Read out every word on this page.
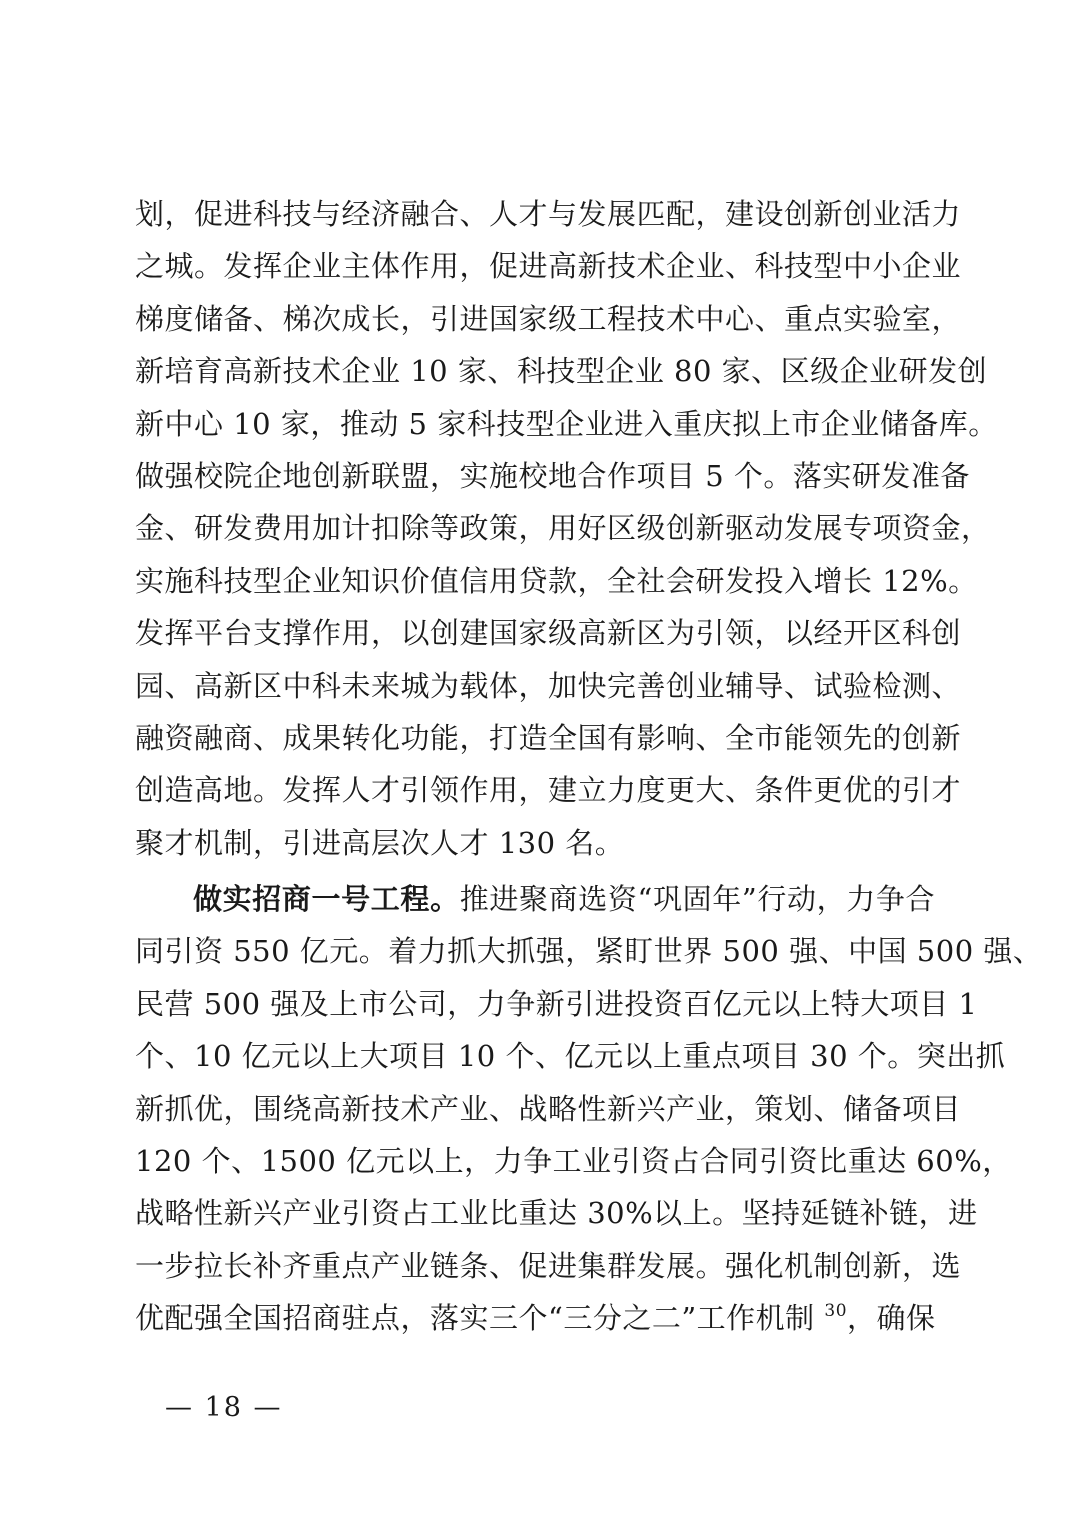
划，促进科技与经济融合、人才与发展匹配，建设创新创业活力
之城。发挥企业主体作用，促进高新技术企业、科技型中小企业
梯度储备、梯次成长，引进国家级工程技术中心、重点实验室，
新培育高新技术企业 10 家、科技型企业 80 家、区级企业研发创
新中心 10 家，推动 5 家科技型企业进入重庆拟上市企业储备库。
做强校院企地创新联盟，实施校地合作项目 5 个。落实研发准备
金、研发费用加计扣除等政策，用好区级创新驱动发展专项资金，
实施科技型企业知识价值信用贷款，全社会研发投入增长 12%。
发挥平台支撑作用，以创建国家级高新区为引领，以经开区科创
园、高新区中科未来城为载体，加快完善创业辅导、试验检测、
融资融商、成果转化功能，打造全国有影响、全市能领先的创新
创造高地。发挥人才引领作用，建立力度更大、条件更优的引才
聚才机制，引进高层次人才 130 名。
做实招商一号工程。推进聚商选资“巩固年”行动，力争合
同引资 550 亿元。着力抓大抓强，紧盯世界 500 强、中国 500 强、
民营 500 强及上市公司，力争新引进投资百亿元以上特大项目 1
个、10 亿元以上大项目 10 个、亿元以上重点项目 30 个。突出抓
新抓优，围绕高新技术产业、战略性新兴产业，策划、储备项目
120 个、1500 亿元以上，力争工业引资占合同引资比重达 60%，
战略性新兴产业引资占工业比重达 30%以上。坚持延链补链，进
一步拉长补齐重点产业链条、促进集群发展。强化机制创新，选
优配强全国招商驻点，落实三个“三分之二”工作机制 $^{30}$，确保
— 18 —
